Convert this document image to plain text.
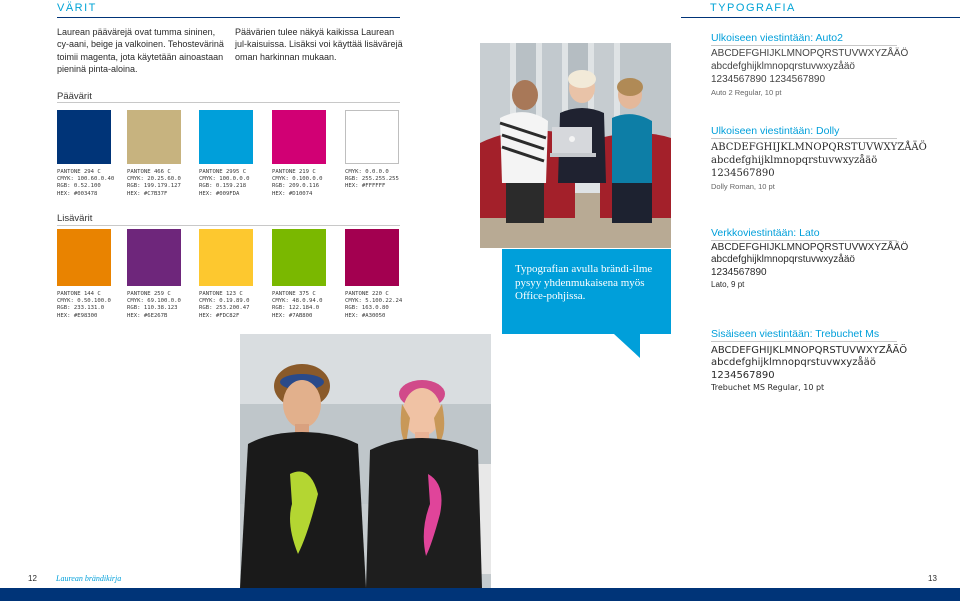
VÄRIT
Laurean päävärejä ovat tumma sininen, cy-aani, beige ja valkoinen. Tehostevärinä toimii magenta, jota käytetään ainoastaan pieninä pinta-aloina.
Päävärien tulee näkyä kaikissa Laurean jul-kaisuissa. Lisäksi voi käyttää lisävärejä oman harkinnan mukaan.
Päävärit
PANTONE 294 C
CMYK: 100.60.0.40
RGB: 0.52.100
HEX: #003478
PANTONE 466 C
CMYK: 20.25.60.0
RGB: 199.179.127
HEX: #C7B37F
PANTONE 2995 C
CMYK: 100.0.0.0
RGB: 0.159.218
HEX: #009FDA
PANTONE 219 C
CMYK: 0.100.0.0
RGB: 209.0.116
HEX: #D10074
CMYK: 0.0.0.0
RGB: 255.255.255
HEX: #FFFFFF
Lisävärit
PANTONE 144 C
CMYK: 0.50.100.0
RGB: 233.131.0
HEX: #E98300
PANTONE 259 C
CMYK: 69.100.0.0
RGB: 110.38.123
HEX: #6E267B
PANTONE 123 C
CMYK: 0.19.89.0
RGB: 253.200.47
HEX: #FDC82F
PANTONE 375 C
CMYK: 48.0.94.0
RGB: 122.184.0
HEX: #7AB800
PANTONE 220 C
CMYK: 5.100.22.24
RGB: 163.0.80
HEX: #A30050
12 Laurean brändikirja
Typografian avulla brändi-ilme pysyy yhdenmukaisena myös Office-pohjissa.
TYPOGRAFIA
Ulkoiseen viestintään: Auto2
ABCDEFGHIJKLMNOPQRSTUVWXYZÅÄÖ
abcdefghijklmnopqrstuvwxyzåäö
1234567890 1234567890
Auto 2 Regular, 10 pt
Ulkoiseen viestintään: Dolly
ABCDEFGHIJKLMNOPQRSTUVWXYZÅÄÖ
abcdefghijklmnopqrstuvwxyzåäö
1234567890
Dolly Roman, 10 pt
Verkkoviestintään: Lato
ABCDEFGHIJKLMNOPQRSTUVWXYZÅÄÖ
abcdefghijklmnopqrstuvwxyzåäö
1234567890
Lato, 9 pt
Sisäiseen viestintään: Trebuchet Ms
ABCDEFGHIJKLMNOPQRSTUVWXYZÅÄÖ
abcdefghijklmnopqrstuvwxyzåäö
1234567890
Trebuchet MS Regular, 10 pt
13
